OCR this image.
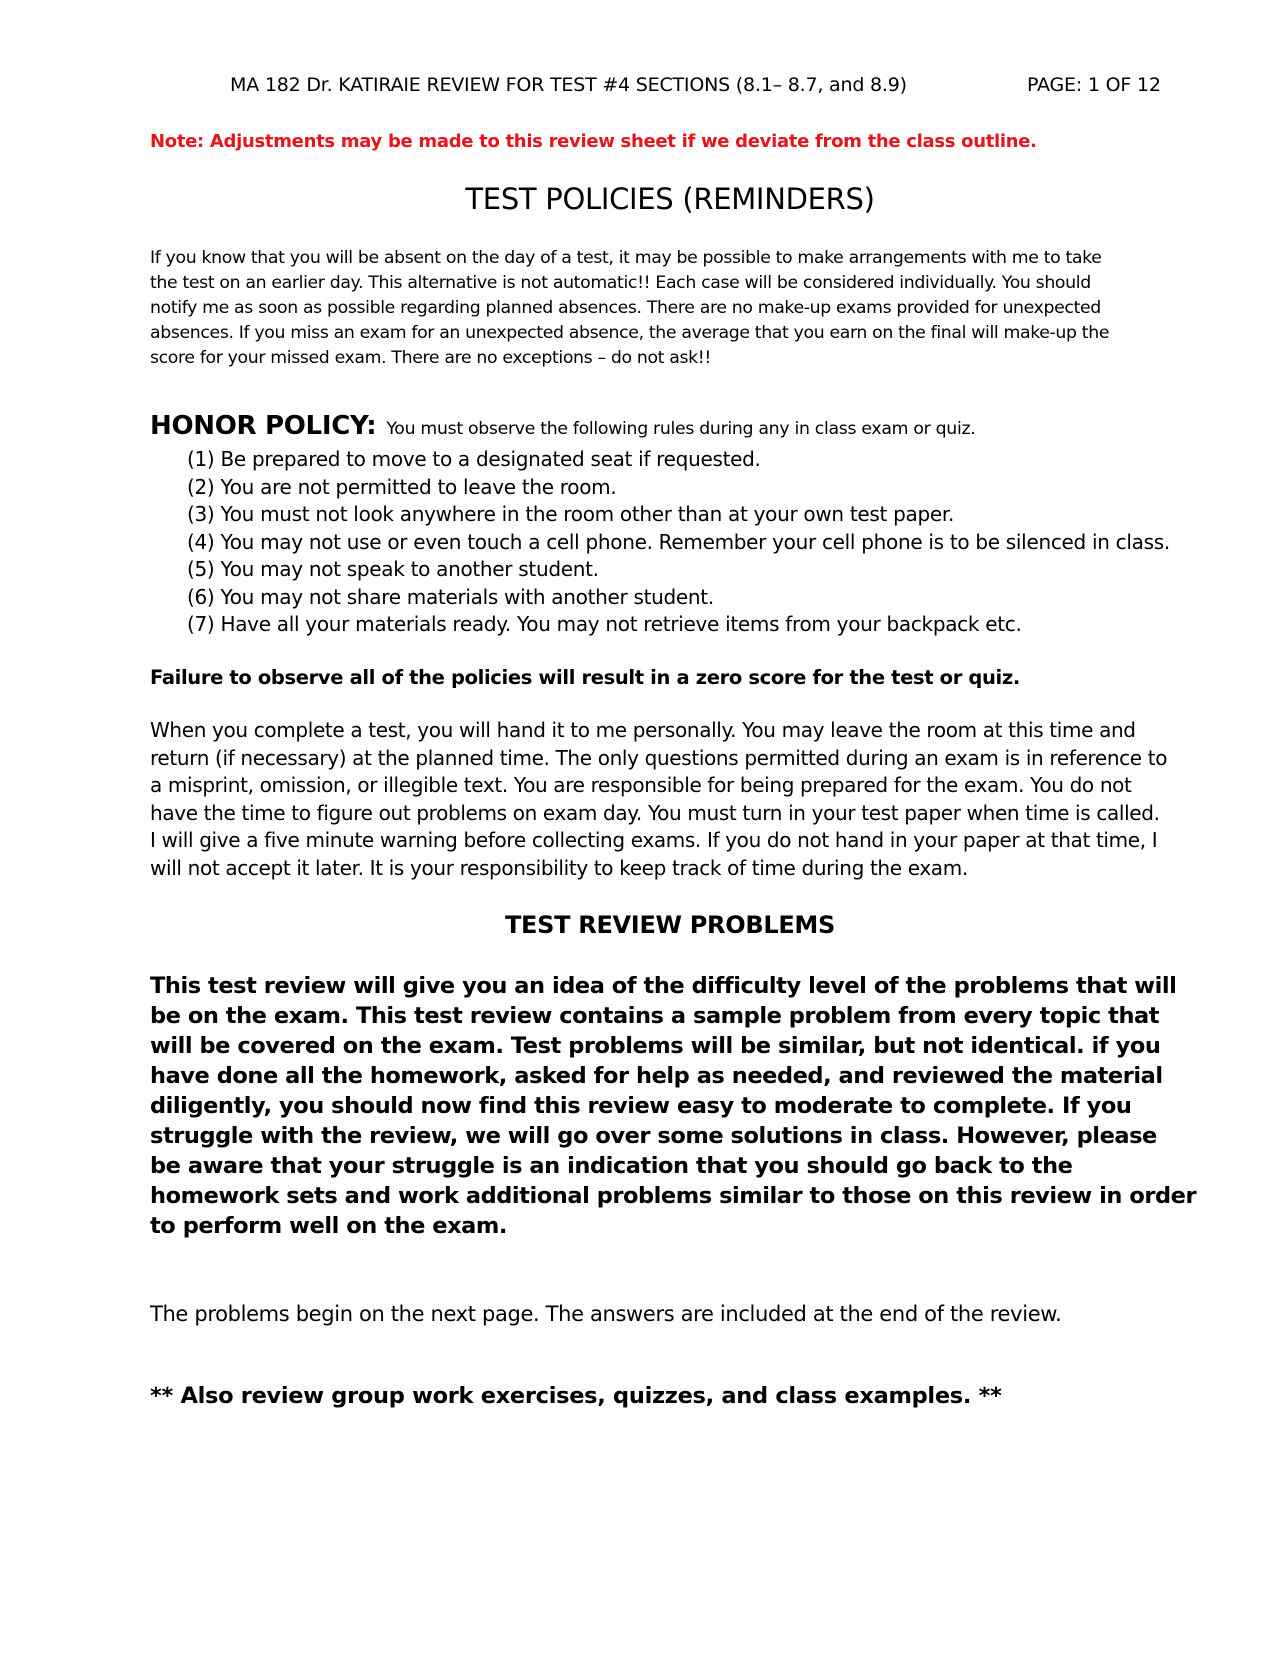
MA 182 Dr. KATIRAIE REVIEW FOR TEST #4 SECTIONS (8.1– 8.7, and 8.9)	PAGE: 1 OF 12
Note: Adjustments may be made to this review sheet if we deviate from the class outline.
TEST POLICIES (REMINDERS)
If you know that you will be absent on the day of a test, it may be possible to make arrangements with me to take
the test on an earlier day. This alternative is not automatic!! Each case will be considered individually. You should
notify me as soon as possible regarding planned absences. There are no make-up exams provided for unexpected
absences. If you miss an exam for an unexpected absence, the average that you earn on the final will make-up the
score for your missed exam. There are no exceptions – do not ask!!
HONOR POLICY: You must observe the following rules during any in class exam or quiz.
(1) Be prepared to move to a designated seat if requested.
(2) You are not permitted to leave the room.
(3) You must not look anywhere in the room other than at your own test paper.
(4) You may not use or even touch a cell phone. Remember your cell phone is to be silenced in class.
(5) You may not speak to another student.
(6) You may not share materials with another student.
(7) Have all your materials ready. You may not retrieve items from your backpack etc.
Failure to observe all of the policies will result in a zero score for the test or quiz.
When you complete a test, you will hand it to me personally. You may leave the room at this time and
return (if necessary) at the planned time. The only questions permitted during an exam is in reference to
a misprint, omission, or illegible text. You are responsible for being prepared for the exam. You do not
have the time to figure out problems on exam day. You must turn in your test paper when time is called.
I will give a five minute warning before collecting exams. If you do not hand in your paper at that time, I
will not accept it later. It is your responsibility to keep track of time during the exam.
TEST REVIEW PROBLEMS
This test review will give you an idea of the difficulty level of the problems that will
be on the exam. This test review contains a sample problem from every topic that
will be covered on the exam. Test problems will be similar, but not identical. if you
have done all the homework, asked for help as needed, and reviewed the material
diligently, you should now find this review easy to moderate to complete. If you
struggle with the review, we will go over some solutions in class. However, please
be aware that your struggle is an indication that you should go back to the
homework sets and work additional problems similar to those on this review in order
to perform well on the exam.
The problems begin on the next page. The answers are included at the end of the review.
** Also review group work exercises, quizzes, and class examples. **
